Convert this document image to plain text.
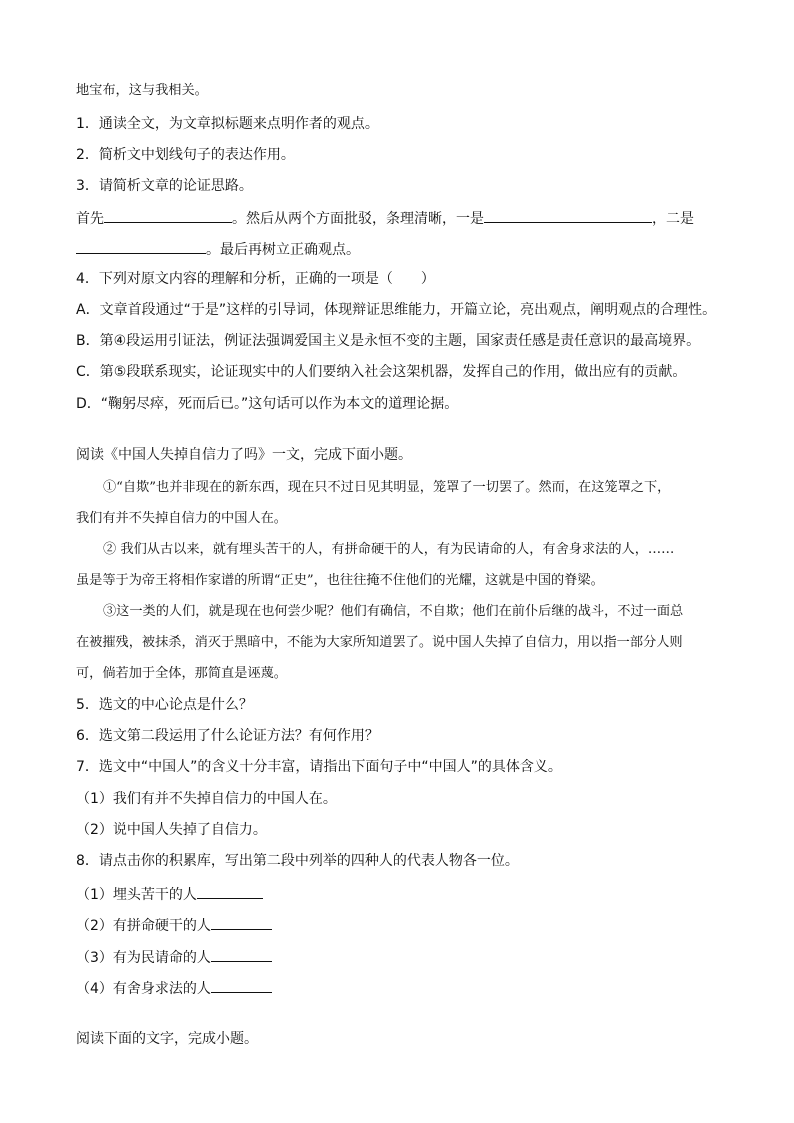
地宝布，这与我相关。
1．通读全文，为文章拟标题来点明作者的观点。
2．简析文中划线句子的表达作用。
3．请简析文章的论证思路。
首先	。然后从两个方面批驳，条理清晰，一是	，二是
。最后再树立正确观点。
4．下列对原文内容的理解和分析，正确的一项是（　　）
A．文章首段通过“于是”这样的引导词，体现辩证思维能力，开篇立论，亮出观点，阐明观点的合理性。
B．第④段运用引证法，例证法强调爱国主义是永恒不变的主题，国家责任感是责任意识的最高境界。
C．第⑤段联系现实，论证现实中的人们要纳入社会这架机器，发挥自己的作用，做出应有的贡献。
D．“鞠躬尽瘁，死而后已。”这句话可以作为本文的道理论据。
阅读《中国人失掉自信力了吗》一文，完成下面小题。
①“自欺”也并非现在的新东西，现在只不过日见其明显，笼罩了一切罢了。然而，在这笼罩之下，
我们有并不失掉自信力的中国人在。
② 我们从古以来，就有埋头苦干的人，有拼命硬干的人，有为民请命的人，有舍身求法的人，……
虽是等于为帝王将相作家谱的所谓“正史”，也往往掩不住他们的光耀，这就是中国的脊梁。
③这一类的人们，就是现在也何尝少呢？他们有确信，不自欺；他们在前仆后继的战斗，不过一面总
在被摧残，被抹杀，消灭于黑暗中，不能为大家所知道罢了。说中国人失掉了自信力，用以指一部分人则
可，倘若加于全体，那简直是诬蔑。
5．选文的中心论点是什么？
6．选文第二段运用了什么论证方法？有何作用？
7．选文中“中国人”的含义十分丰富，请指出下面句子中“中国人”的具体含义。
（1）我们有并不失掉自信力的中国人在。
（2）说中国人失掉了自信力。
8．请点击你的积累库，写出第二段中列举的四种人的代表人物各一位。
（1）埋头苦干的人
（2）有拼命硬干的人
（3）有为民请命的人
（4）有舍身求法的人
阅读下面的文字，完成小题。
